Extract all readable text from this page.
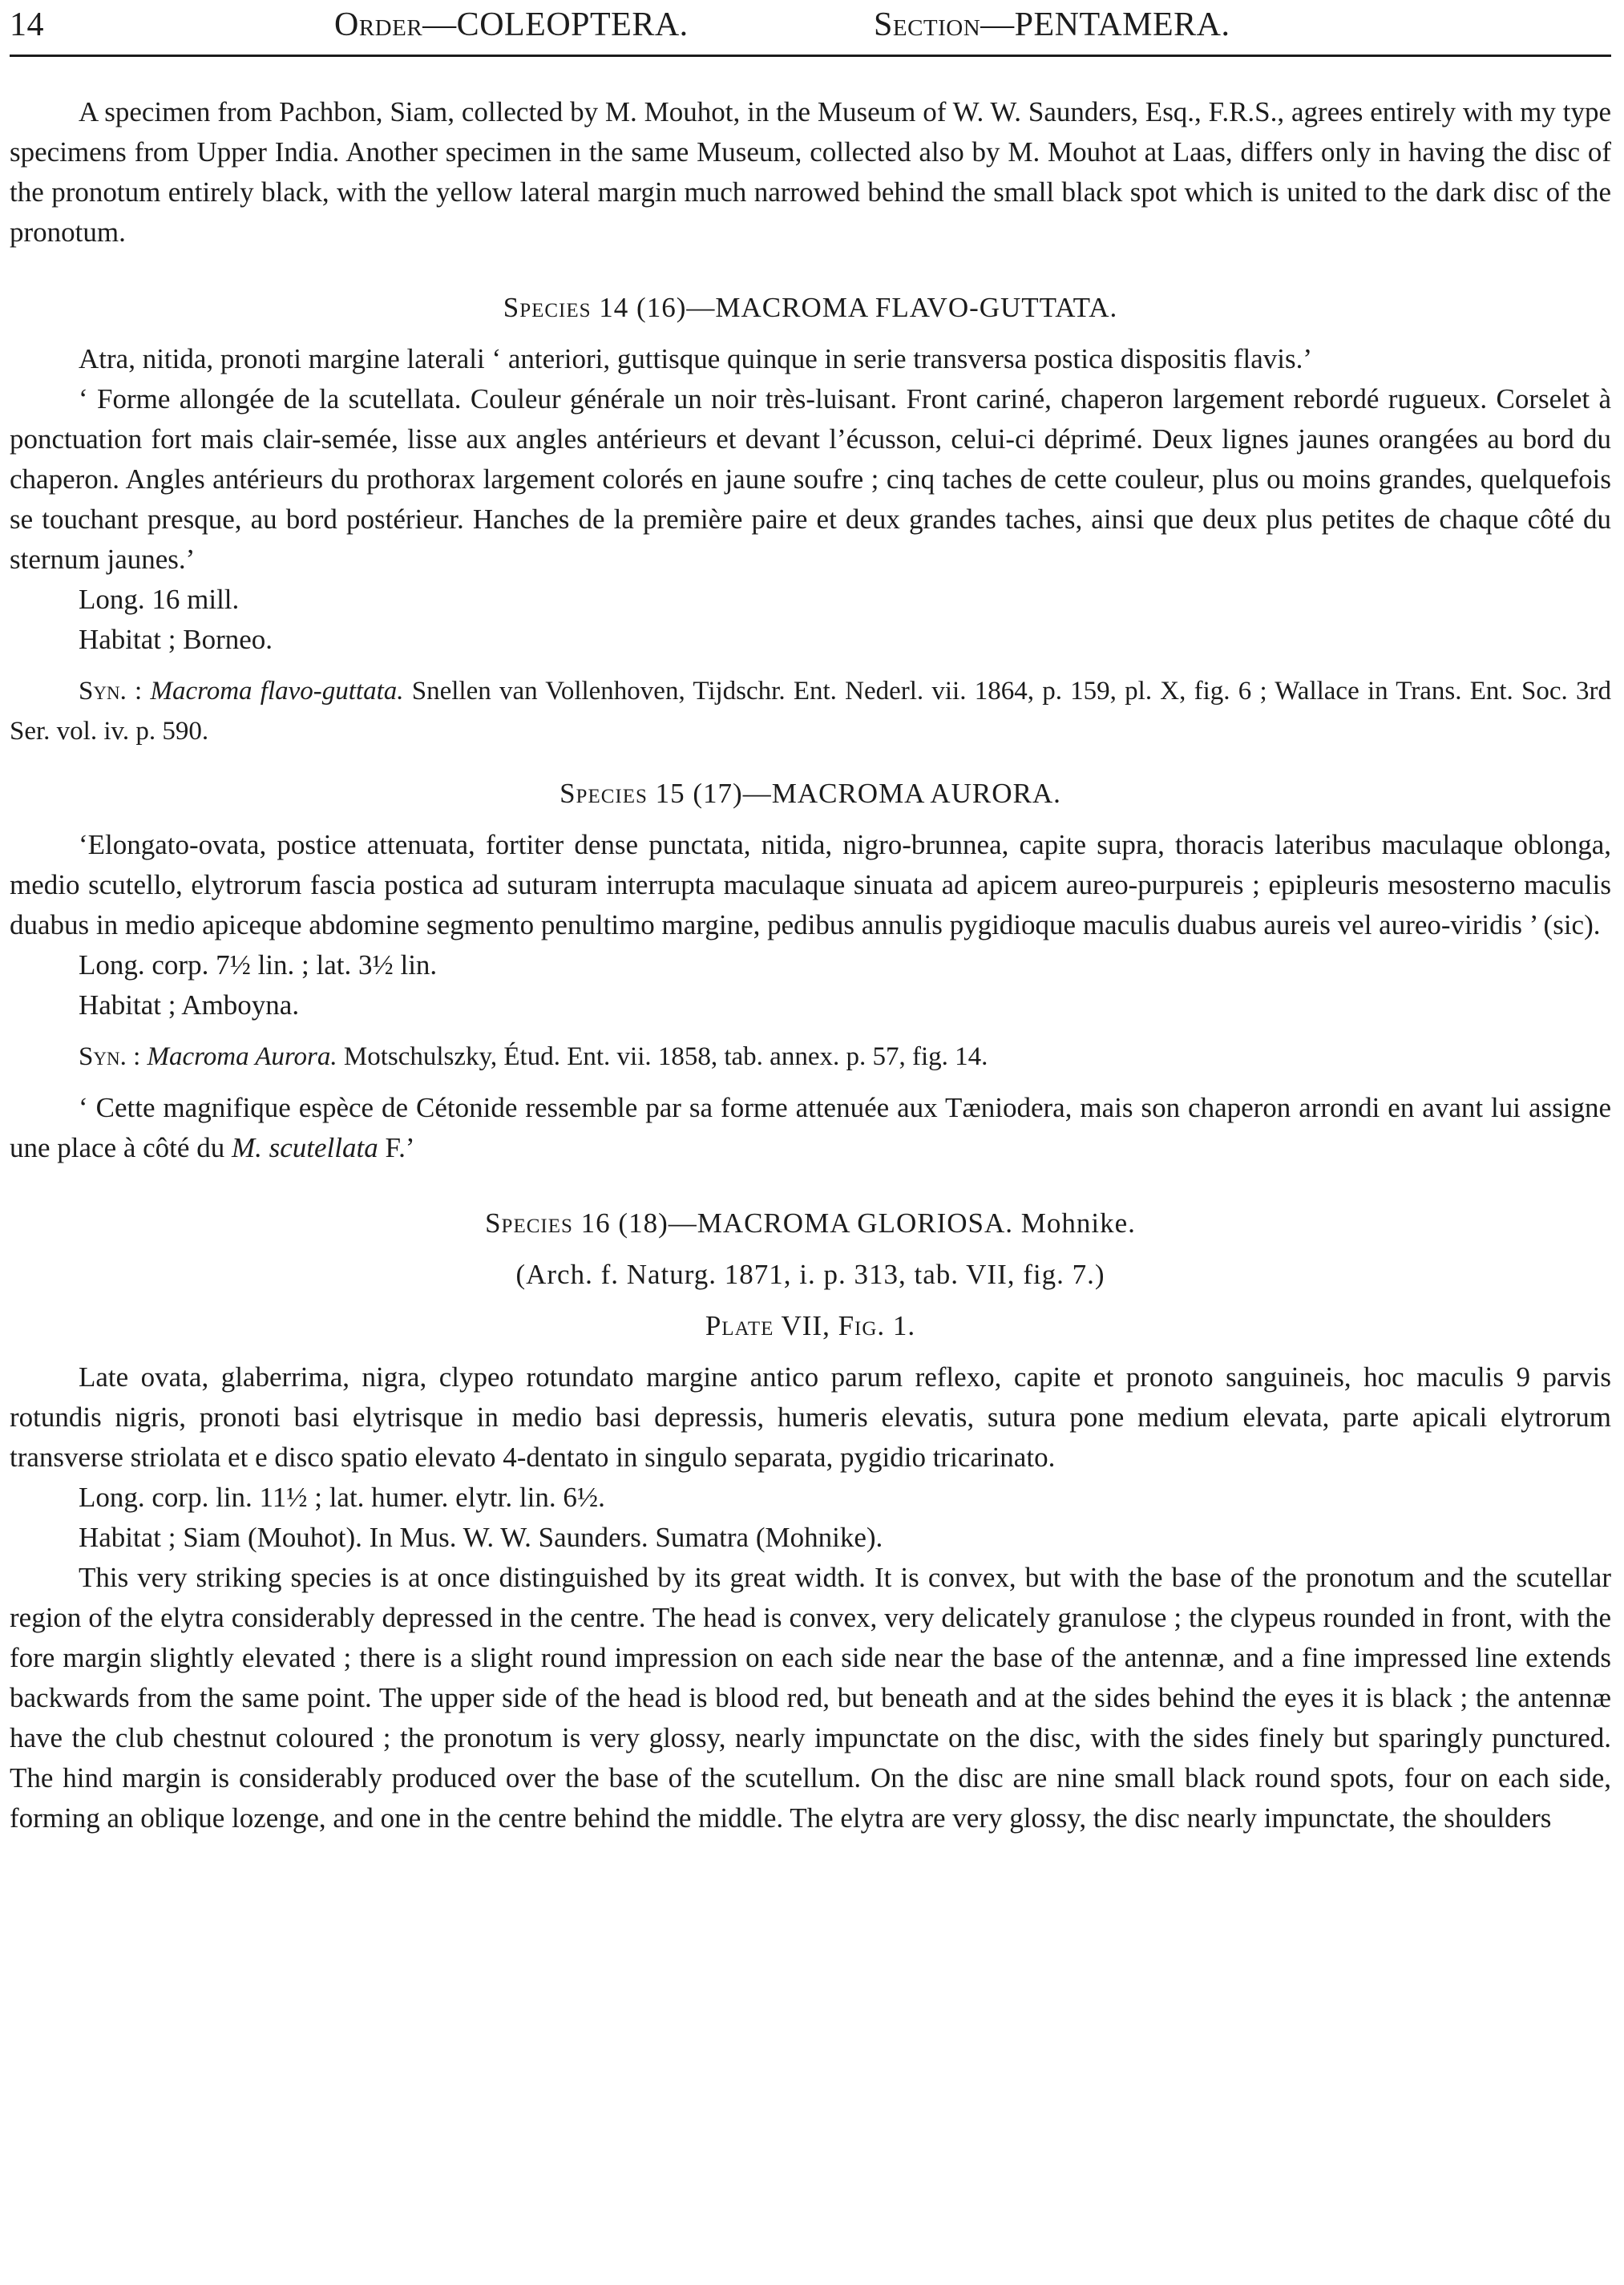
14	Order—COLEOPTERA.	Section—PENTAMERA.

A specimen from Pachbon, Siam, collected by M. Mouhot, in the Museum of W. W. Saunders, Esq., F.R.S., agrees entirely with my type specimens from Upper India. Another specimen in the same Museum, collected also by M. Mouhot at Laas, differs only in having the disc of the pronotum entirely black, with the yellow lateral margin much narrowed behind the small black spot which is united to the dark disc of the pronotum.

Species 14 (16)—MACROMA FLAVO-GUTTATA.

Atra, nitida, pronoti margine laterali ‘ anteriori, guttisque quinque in serie transversa postica dispositis flavis.’

‘ Forme allongée de la scutellata. Couleur générale un noir très-luisant. Front cariné, chaperon largement rebordé rugueux. Corselet à ponctuation fort mais clair-semée, lisse aux angles antérieurs et devant l’écusson, celui-ci déprimé. Deux lignes jaunes orangées au bord du chaperon. Angles antérieurs du prothorax largement colorés en jaune soufre ; cinq taches de cette couleur, plus ou moins grandes, quelquefois se touchant presque, au bord postérieur. Hanches de la première paire et deux grandes taches, ainsi que deux plus petites de chaque côté du sternum jaunes.’

Long. 16 mill.

Habitat ; Borneo.

Syn. : Macroma flavo-guttata. Snellen van Vollenhoven, Tijdschr. Ent. Nederl. vii. 1864, p. 159, pl. X, fig. 6 ; Wallace in Trans. Ent. Soc. 3rd Ser. vol. iv. p. 590.

Species 15 (17)—MACROMA AURORA.

‘Elongato-ovata, postice attenuata, fortiter dense punctata, nitida, nigro-brunnea, capite supra, thoracis lateribus maculaque oblonga, medio scutello, elytrorum fascia postica ad suturam interrupta maculaque sinuata ad apicem aureo-purpureis ; epipleuris mesosterno maculis duabus in medio apiceque abdomine segmento penultimo margine, pedibus annulis pygidioque maculis duabus aureis vel aureo-viridis ’ (sic).

Long. corp. 7½ lin. ; lat. 3½ lin.

Habitat ; Amboyna.

Syn. : Macroma Aurora. Motschulszky, Étud. Ent. vii. 1858, tab. annex. p. 57, fig. 14.

‘ Cette magnifique espèce de Cétonide ressemble par sa forme attenuée aux Tæniodera, mais son chaperon arrondi en avant lui assigne une place à côté du M. scutellata F.’

Species 16 (18)—MACROMA GLORIOSA. Mohnike.

(Arch. f. Naturg. 1871, i. p. 313, tab. VII, fig. 7.)

Plate VII, Fig. 1.

Late ovata, glaberrima, nigra, clypeo rotundato margine antico parum reflexo, capite et pronoto sanguineis, hoc maculis 9 parvis rotundis nigris, pronoti basi elytrisque in medio basi depressis, humeris elevatis, sutura pone medium elevata, parte apicali elytrorum transverse striolata et e disco spatio elevato 4-dentato in singulo separata, pygidio tricarinato.

Long. corp. lin. 11½ ; lat. humer. elytr. lin. 6½.

Habitat ; Siam (Mouhot). In Mus. W. W. Saunders. Sumatra (Mohnike).

This very striking species is at once distinguished by its great width. It is convex, but with the base of the pronotum and the scutellar region of the elytra considerably depressed in the centre. The head is convex, very delicately granulose ; the clypeus rounded in front, with the fore margin slightly elevated ; there is a slight round impression on each side near the base of the antennæ, and a fine impressed line extends backwards from the same point. The upper side of the head is blood red, but beneath and at the sides behind the eyes it is black ; the antennæ have the club chestnut coloured ; the pronotum is very glossy, nearly impunctate on the disc, with the sides finely but sparingly punctured. The hind margin is considerably produced over the base of the scutellum. On the disc are nine small black round spots, four on each side, forming an oblique lozenge, and one in the centre behind the middle. The elytra are very glossy, the disc nearly impunctate, the shoulders
